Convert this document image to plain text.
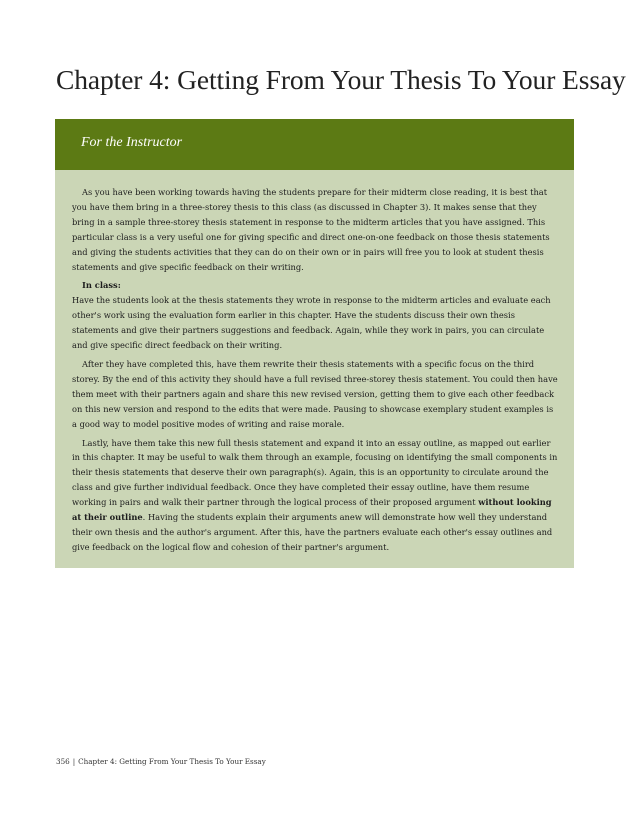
Chapter 4: Getting From Your Thesis To Your Essay
For the Instructor

As you have been working towards having the students prepare for their midterm close reading, it is best that you have them bring in a three-storey thesis to this class (as discussed in Chapter 3). It makes sense that they bring in a sample three-storey thesis statement in response to the midterm articles that you have assigned. This particular class is a very useful one for giving specific and direct one-on-one feedback on those thesis statements and giving the students activities that they can do on their own or in pairs will free you to look at student thesis statements and give specific feedback on their writing.

In class:

Have the students look at the thesis statements they wrote in response to the midterm articles and evaluate each other's work using the evaluation form earlier in this chapter. Have the students discuss their own thesis statements and give their partners suggestions and feedback. Again, while they work in pairs, you can circulate and give specific direct feedback on their writing.

After they have completed this, have them rewrite their thesis statements with a specific focus on the third storey. By the end of this activity they should have a full revised three-storey thesis statement. You could then have them meet with their partners again and share this new revised version, getting them to give each other feedback on this new version and respond to the edits that were made. Pausing to showcase exemplary student examples is a good way to model positive modes of writing and raise morale.

Lastly, have them take this new full thesis statement and expand it into an essay outline, as mapped out earlier in this chapter. It may be useful to walk them through an example, focusing on identifying the small components in their thesis statements that deserve their own paragraph(s). Again, this is an opportunity to circulate around the class and give further individual feedback. Once they have completed their essay outline, have them resume working in pairs and walk their partner through the logical process of their proposed argument without looking at their outline. Having the students explain their arguments anew will demonstrate how well they understand their own thesis and the author's argument. After this, have the partners evaluate each other's essay outlines and give feedback on the logical flow and cohesion of their partner's argument.

356 | Chapter 4: Getting From Your Thesis To Your Essay
